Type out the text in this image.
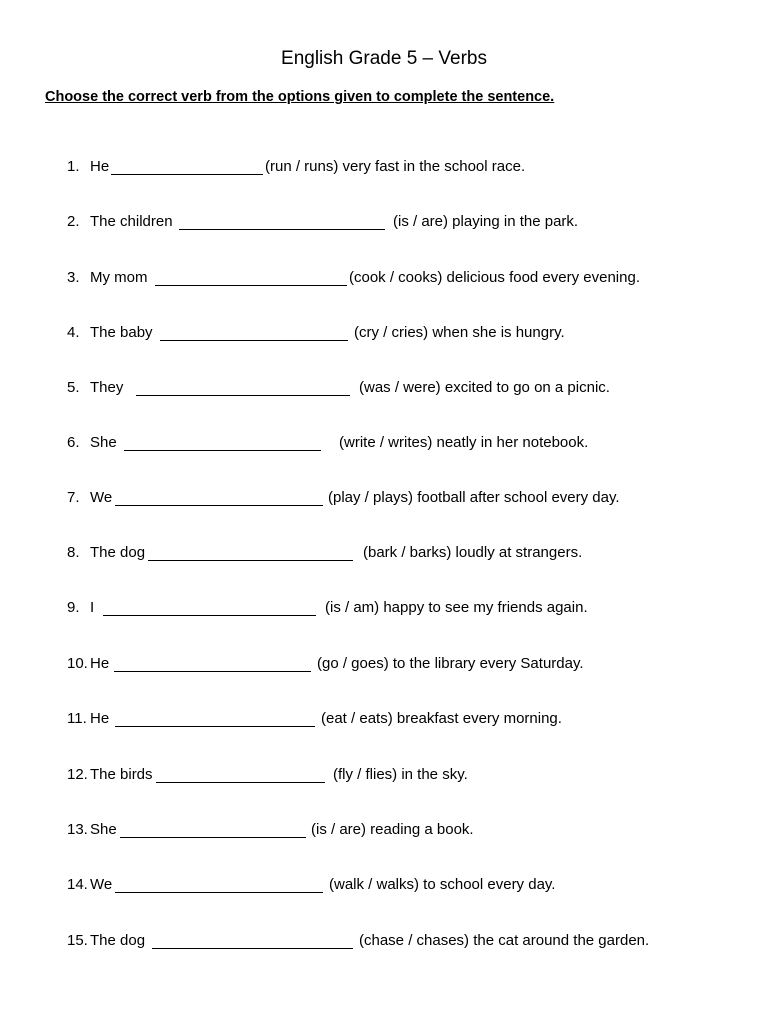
English Grade 5 – Verbs

Choose the correct verb from the options given to complete the sentence.

1. He	(run / runs) very fast in the school race.
2. The children	(is / are) playing in the park.
3. My mom	(cook / cooks) delicious food every evening.
4. The baby	(cry / cries) when she is hungry.
5. They	(was / were) excited to go on a picnic.
6. She	(write / writes) neatly in her notebook.
7. We	(play / plays) football after school every day.
8. The dog	(bark / barks) loudly at strangers.
9. I	(is / am) happy to see my friends again.
10. He	(go / goes) to the library every Saturday.
11. He	(eat / eats) breakfast every morning.
12. The birds	(fly / flies) in the sky.
13. She	(is / are) reading a book.
14. We	(walk / walks) to school every day.
15. The dog	(chase / chases) the cat around the garden.
